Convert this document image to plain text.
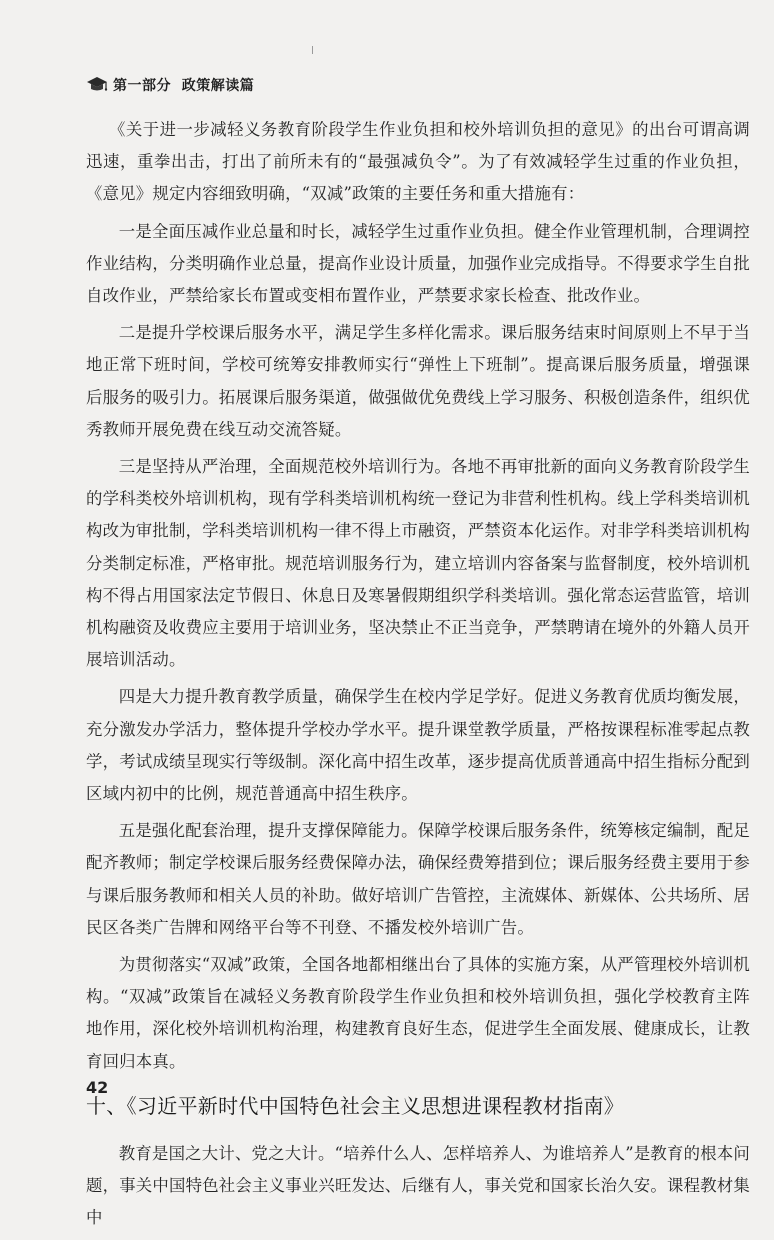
第一部分
政策解读篇

《关于进一步减轻义务教育阶段学生作业负担和校外培训负担的意见》的出台可谓高调迅速，重拳出击，打出了前所未有的“最强减负令”。为了有效减轻学生过重的作业负担，《意见》规定内容细致明确，“双减”政策的主要任务和重大措施有：

一是全面压减作业总量和时长，减轻学生过重作业负担。健全作业管理机制，合理调控作业结构，分类明确作业总量，提高作业设计质量，加强作业完成指导。不得要求学生自批自改作业，严禁给家长布置或变相布置作业，严禁要求家长检查、批改作业。

二是提升学校课后服务水平，满足学生多样化需求。课后服务结束时间原则上不早于当地正常下班时间，学校可统筹安排教师实行“弹性上下班制”。提高课后服务质量，增强课后服务的吸引力。拓展课后服务渠道，做强做优免费线上学习服务、积极创造条件，组织优秀教师开展免费在线互动交流答疑。

三是坚持从严治理，全面规范校外培训行为。各地不再审批新的面向义务教育阶段学生的学科类校外培训机构，现有学科类培训机构统一登记为非营利性机构。线上学科类培训机构改为审批制，学科类培训机构一律不得上市融资，严禁资本化运作。对非学科类培训机构分类制定标准，严格审批。规范培训服务行为，建立培训内容备案与监督制度，校外培训机构不得占用国家法定节假日、休息日及寒暑假期组织学科类培训。强化常态运营监管，培训机构融资及收费应主要用于培训业务，坚决禁止不正当竞争，严禁聘请在境外的外籍人员开展培训活动。

四是大力提升教育教学质量，确保学生在校内学足学好。促进义务教育优质均衡发展，充分激发办学活力，整体提升学校办学水平。提升课堂教学质量，严格按课程标准零起点教学，考试成绩呈现实行等级制。深化高中招生改革，逐步提高优质普通高中招生指标分配到区域内初中的比例，规范普通高中招生秩序。

五是强化配套治理，提升支撑保障能力。保障学校课后服务条件，统筹核定编制，配足配齐教师；制定学校课后服务经费保障办法，确保经费筹措到位；课后服务经费主要用于参与课后服务教师和相关人员的补助。做好培训广告管控，主流媒体、新媒体、公共场所、居民区各类广告牌和网络平台等不刊登、不播发校外培训广告。

为贯彻落实“双减”政策，全国各地都相继出台了具体的实施方案，从严管理校外培训机构。“双减”政策旨在减轻义务教育阶段学生作业负担和校外培训负担，强化学校教育主阵地作用，深化校外培训机构治理，构建教育良好生态，促进学生全面发展、健康成长，让教育回归本真。

十、《习近平新时代中国特色社会主义思想进课程教材指南》

教育是国之大计、党之大计。“培养什么人、怎样培养人、为谁培养人”是教育的根本问题，事关中国特色社会主义事业兴旺发达、后继有人，事关党和国家长治久安。课程教材集中

42
